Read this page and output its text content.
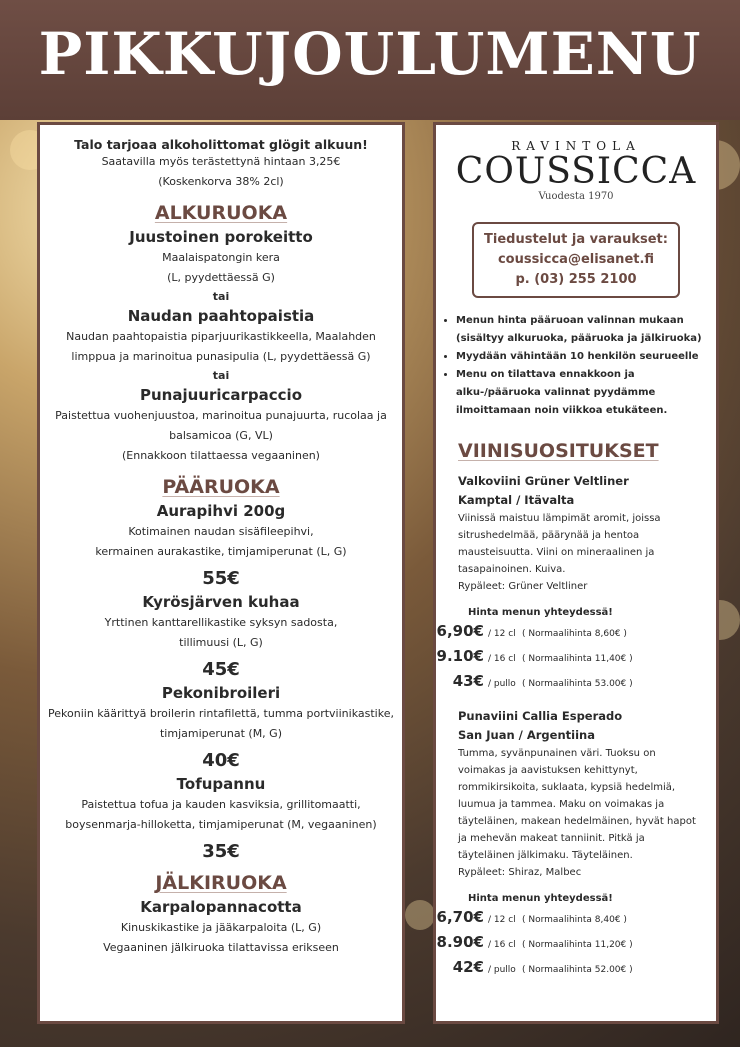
PIKKUJOULUMENU
Talo tarjoaa alkoholittomat glögit alkuun!
Saatavilla myös terästettynä hintaan 3,25€
(Koskenkorva 38% 2cl)
ALKURUOKA
Juustoinen porokeitto
Maalaispatongin kera
(L, pyydettäessä G)
tai
Naudan paahtopaistia
Naudan paahtopaistia piparjuurikastikkeella, Maalahden
limppua ja marinoitua punasipulia (L, pyydettäessä G)
tai
Punajuuricarpaccio
Paistettua vuohenjuustoa, marinoitua punajuurta, rucolaa ja
balsamicoa (G, VL)
(Ennakkoon tilattaessa vegaaninen)
PÄÄRUOKA
Aurapihvi 200g
Kotimainen naudan sisäfileepihvi,
kermainen aurakastike, timjamiperunat (L, G)
55€
Kyrösjärven kuhaa
Yrttinen kanttarellikastike syksyn sadosta,
tillimuusi (L, G)
45€
Pekonibroileri
Pekoniin käärittyä broilerin rintafilettä, tumma portviinikastike,
timjamiperunat (M, G)
40€
Tofupannu
Paistettua tofua ja kauden kasviksia, grillitomaatti,
boysenmarja-hilloketta, timjamiperunat (M, vegaaninen)
35€
JÄLKIRUOKA
Karpalopannacotta
Kinuskikastike ja jääkarpaloita (L, G)
Vegaaninen jälkiruoka tilattavissa erikseen
RAVINTOLA
COUSSICCA
Vuodesta 1970
Tiedustelut ja varaukset:
coussicca@elisanet.fi
p. (03) 255 2100
• Menun hinta pääruoan valinnan mukaan (sisältyy alkuruoka, pääruoka ja jälkiruoka)
• Myydään vähintään 10 henkilön seurueelle
• Menu on tilattava ennakkoon ja alku-/pääruoka valinnat pyydämme ilmoittamaan noin viikkoa etukäteen.
VIINISUOSITUKSET
Valkoviini Grüner Veltliner
Kamptal / Itävalta
Viinissä maistuu lämpimät aromit, joissa sitrushedelmää, päärynää ja hentoa mausteisuutta. Viini on mineraalinen ja tasapainoinen. Kuiva.
Rypäleet: Grüner Veltliner
Hinta menun yhteydessä!
6,90€ / 12 cl ( Normaalihinta 8,60€ )
9.10€ / 16 cl ( Normaalihinta 11,40€ )
43€ / pullo ( Normaalihinta 53.00€ )
Punaviini Callia Esperado
San Juan / Argentiina
Tumma, syvänpunainen väri. Tuoksu on voimakas ja aavistuksen kehittynyt, rommikirsikoita, suklaata, kypsiä hedelmiä, luumua ja tammea. Maku on voimakas ja täyteläinen, makean hedelmäinen, hyvät hapot ja mehevän makeat tanniinit. Pitkä ja täyteläinen jälkimaku. Täyteläinen.
Rypäleet: Shiraz, Malbec
Hinta menun yhteydessä!
6,70€ / 12 cl ( Normaalihinta 8,40€ )
8.90€ / 16 cl ( Normaalihinta 11,20€ )
42€ / pullo ( Normaalihinta 52.00€ )
